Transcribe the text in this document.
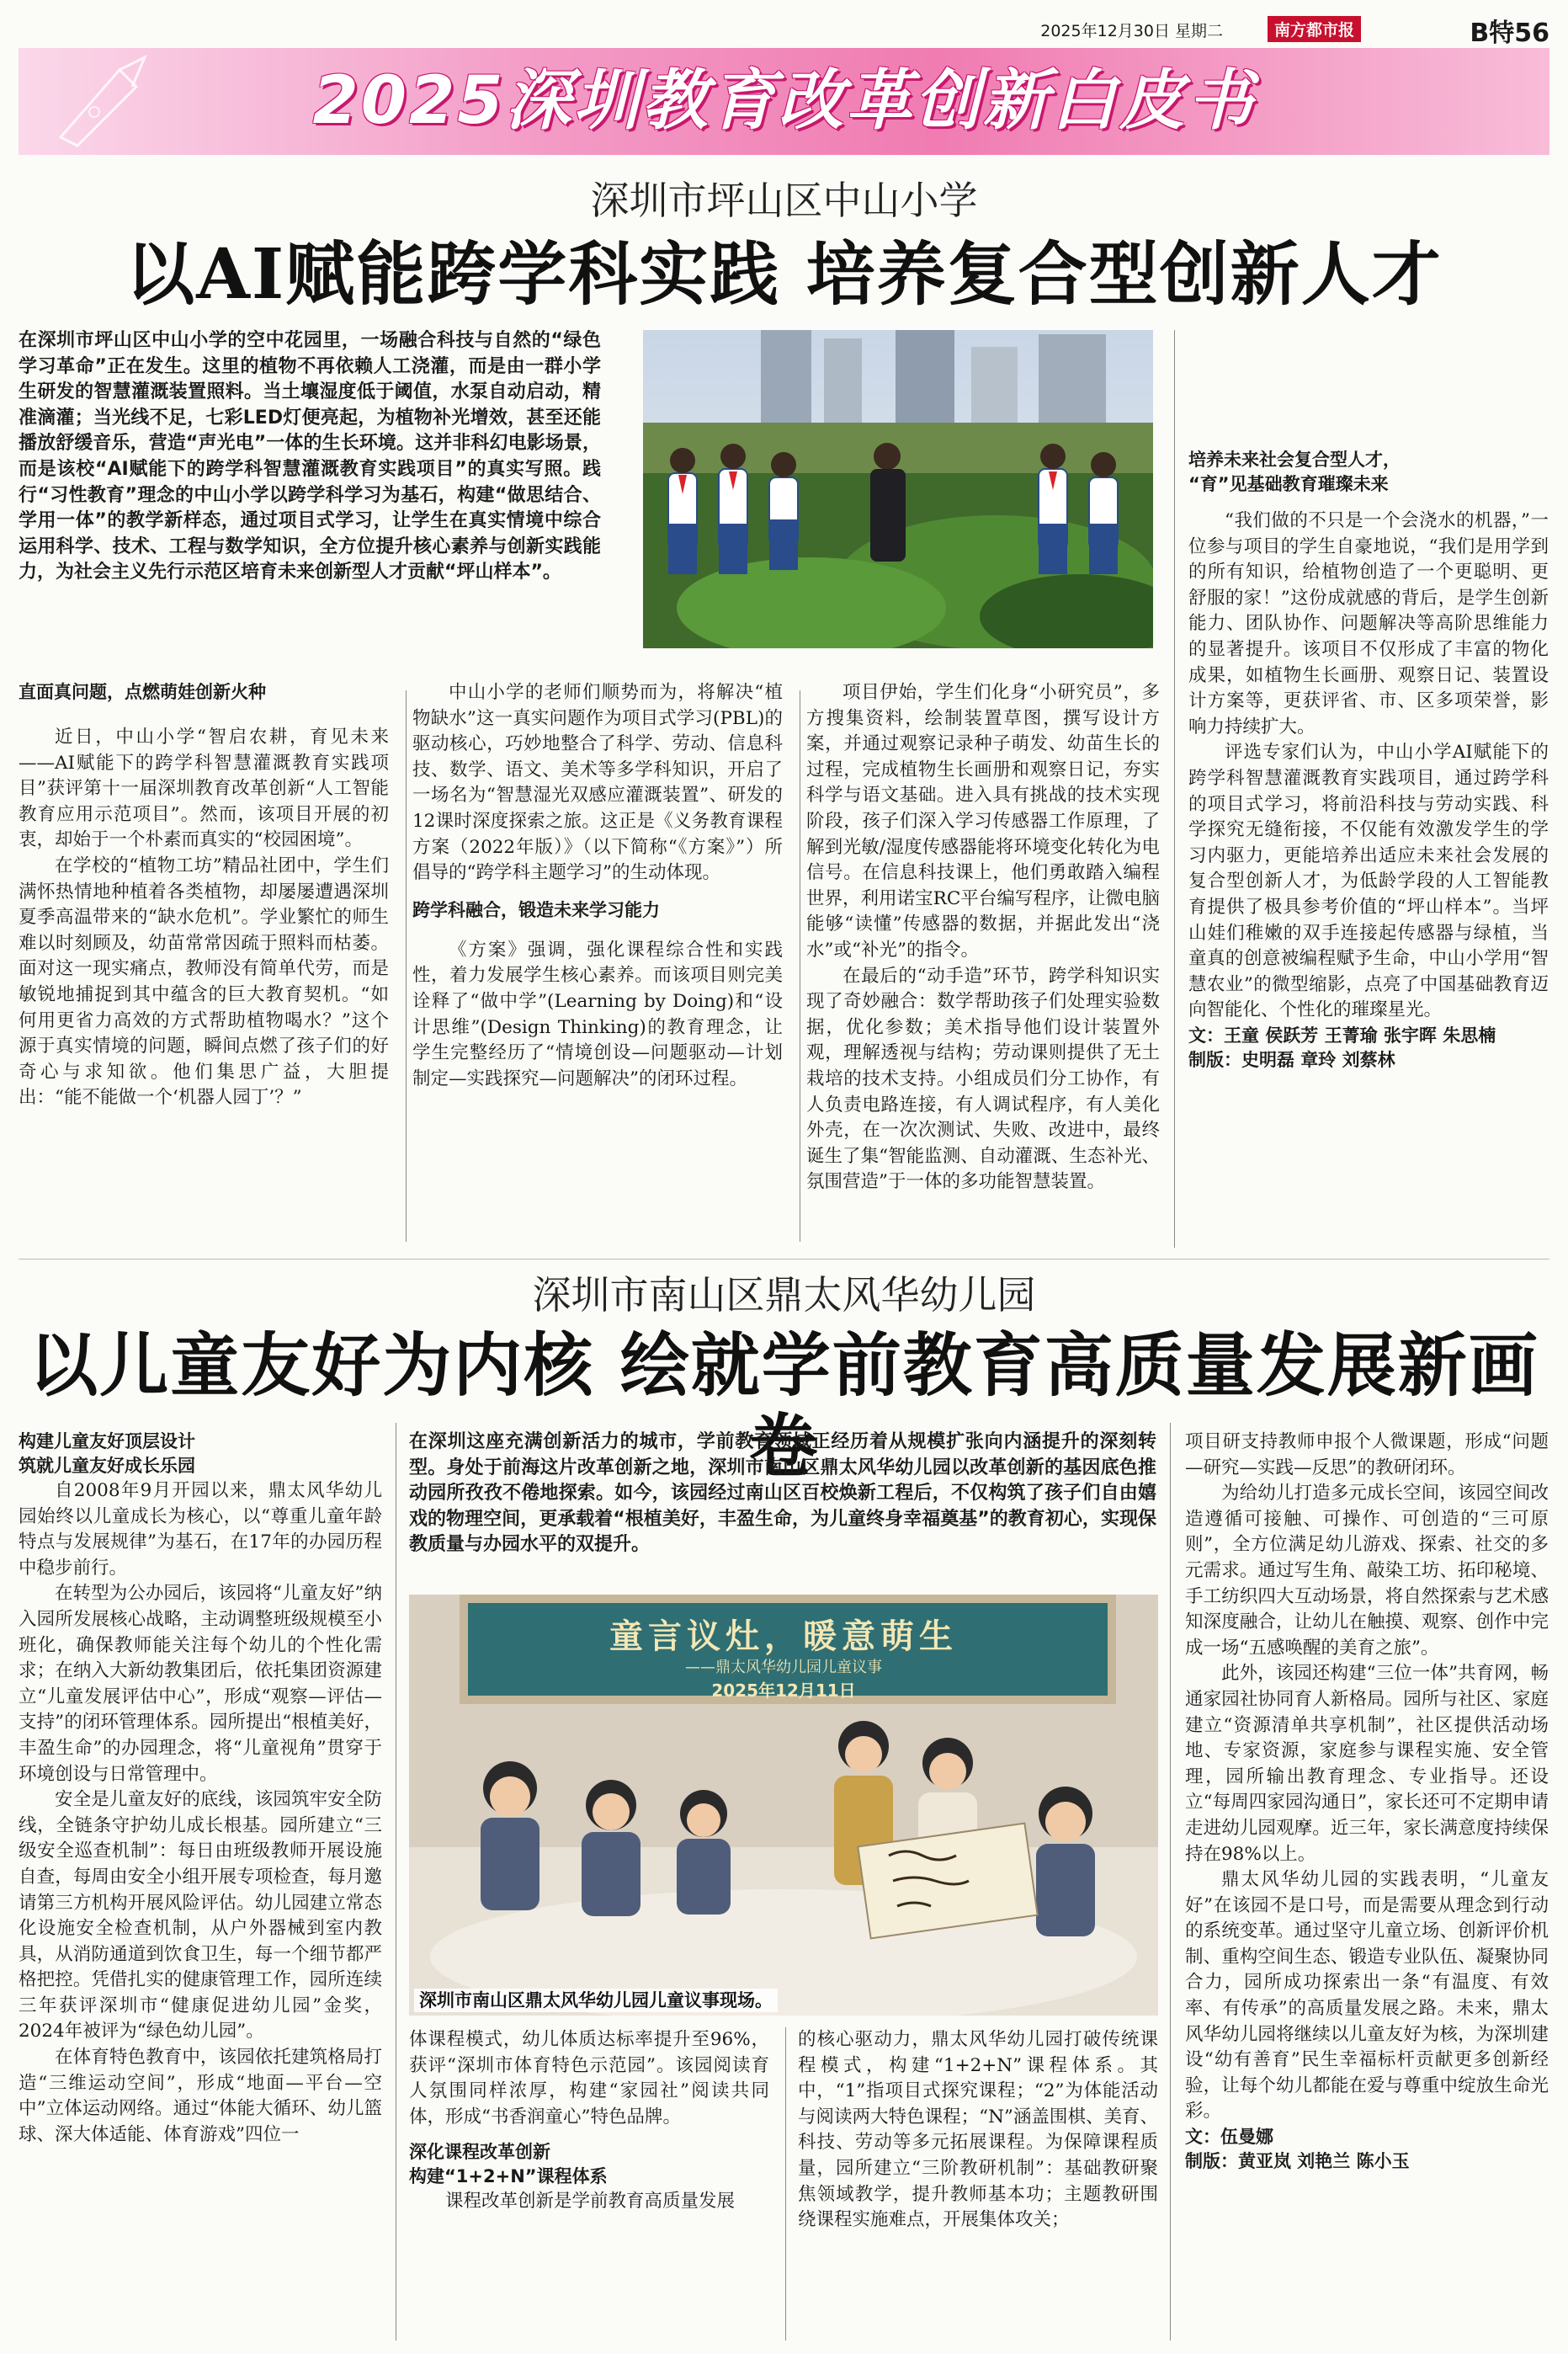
2025年12月30日 星期二	南方都市报	B特56
2025深圳教育改革创新白皮书
深圳市坪山区中山小学
以AI赋能跨学科实践 培养复合型创新人才

在深圳市坪山区中山小学的空中花园里，一场融合科技与自然的“绿色学习革命”正在发生。这里的植物不再依赖人工浇灌，而是由一群小学生研发的智慧灌溉装置照料。当土壤湿度低于阈值，水泵自动启动，精准滴灌；当光线不足，七彩LED灯便亮起，为植物补光增效，甚至还能播放舒缓音乐，营造“声光电”一体的生长环境。这并非科幻电影场景，而是该校“AI赋能下的跨学科智慧灌溉教育实践项目”的真实写照。践行“习性教育”理念的中山小学以跨学科学习为基石，构建“做思结合、学用一体”的教学新样态，通过项目式学习，让学生在真实情境中综合运用科学、技术、工程与数学知识，全方位提升核心素养与创新实践能力，为社会主义先行示范区培育未来创新型人才贡献“坪山样本”。

直面真问题，点燃萌娃创新火种

近日，中山小学“智启农耕，育见未来——AI赋能下的跨学科智慧灌溉教育实践项目”获评第十一届深圳教育改革创新“人工智能教育应用示范项目”。然而，该项目开展的初衷，却始于一个朴素而真实的“校园困境”。

在学校的“植物工坊”精品社团中，学生们满怀热情地种植着各类植物，却屡屡遭遇深圳夏季高温带来的“缺水危机”。学业繁忙的师生难以时刻顾及，幼苗常常因疏于照料而枯萎。面对这一现实痛点，教师没有简单代劳，而是敏锐地捕捉到其中蕴含的巨大教育契机。“如何用更省力高效的方式帮助植物喝水？”这个源于真实情境的问题，瞬间点燃了孩子们的好奇心与求知欲。他们集思广益，大胆提出：“能不能做一个‘机器人园丁’？”

中山小学的老师们顺势而为，将解决“植物缺水”这一真实问题作为项目式学习(PBL)的驱动核心，巧妙地整合了科学、劳动、信息科技、数学、语文、美术等多学科知识，开启了一场名为“智慧湿光双感应灌溉装置”、研发的12课时深度探索之旅。这正是《义务教育课程方案（2022年版）》（以下简称“《方案》”）所倡导的“跨学科主题学习”的生动体现。

跨学科融合，锻造未来学习能力

《方案》强调，强化课程综合性和实践性，着力发展学生核心素养。而该项目则完美诠释了“做中学”(Learning by Doing)和“设计思维”(Design Thinking)的教育理念，让学生完整经历了“情境创设—问题驱动—计划制定—实践探究—问题解决”的闭环过程。

项目伊始，学生们化身“小研究员”，多方搜集资料，绘制装置草图，撰写设计方案，并通过观察记录种子萌发、幼苗生长的过程，完成植物生长画册和观察日记，夯实科学与语文基础。进入具有挑战的技术实现阶段，孩子们深入学习传感器工作原理，了解到光敏/湿度传感器能将环境变化转化为电信号。在信息科技课上，他们勇敢踏入编程世界，利用诺宝RC平台编写程序，让微电脑能够“读懂”传感器的数据，并据此发出“浇水”或“补光”的指令。

在最后的“动手造”环节，跨学科知识实现了奇妙融合：数学帮助孩子们处理实验数据，优化参数；美术指导他们设计装置外观，理解透视与结构；劳动课则提供了无土栽培的技术支持。小组成员们分工协作，有人负责电路连接，有人调试程序，有人美化外壳，在一次次测试、失败、改进中，最终诞生了集“智能监测、自动灌溉、生态补光、氛围营造”于一体的多功能智慧装置。

培养未来社会复合型人才，

“育”见基础教育璀璨未来

“我们做的不只是一个会浇水的机器，”一位参与项目的学生自豪地说，“我们是用学到的所有知识，给植物创造了一个更聪明、更舒服的家！”这份成就感的背后，是学生创新能力、团队协作、问题解决等高阶思维能力的显著提升。该项目不仅形成了丰富的物化成果，如植物生长画册、观察日记、装置设计方案等，更获评省、市、区多项荣誉，影响力持续扩大。

评选专家们认为，中山小学AI赋能下的跨学科智慧灌溉教育实践项目，通过跨学科的项目式学习，将前沿科技与劳动实践、科学探究无缝衔接，不仅能有效激发学生的学习内驱力，更能培养出适应未来社会发展的复合型创新人才，为低龄学段的人工智能教育提供了极具参考价值的“坪山样本”。当坪山娃们稚嫩的双手连接起传感器与绿植，当童真的创意被编程赋予生命，中山小学用“智慧农业”的微型缩影，点亮了中国基础教育迈向智能化、个性化的璀璨星光。

文：王童 侯跃芳 王菁瑜 张宇晖 朱思楠

制版：史明磊 章玲 刘蔡林

深圳市南山区鼎太风华幼儿园
以儿童友好为内核 绘就学前教育高质量发展新画卷

构建儿童友好顶层设计

筑就儿童友好成长乐园

自2008年9月开园以来，鼎太风华幼儿园始终以儿童成长为核心，以“尊重儿童年龄特点与发展规律”为基石，在17年的办园历程中稳步前行。

在转型为公办园后，该园将“儿童友好”纳入园所发展核心战略，主动调整班级规模至小班化，确保教师能关注每个幼儿的个性化需求；在纳入大新幼教集团后，依托集团资源建立“儿童发展评估中心”，形成“观察—评估—支持”的闭环管理体系。园所提出“根植美好，丰盈生命”的办园理念，将“儿童视角”贯穿于环境创设与日常管理中。

安全是儿童友好的底线，该园筑牢安全防线，全链条守护幼儿成长根基。园所建立“三级安全巡查机制”：每日由班级教师开展设施自查，每周由安全小组开展专项检查，每月邀请第三方机构开展风险评估。幼儿园建立常态化设施安全检查机制，从户外器械到室内教具，从消防通道到饮食卫生，每一个细节都严格把控。凭借扎实的健康管理工作，园所连续三年获评深圳市“健康促进幼儿园”金奖，2024年被评为“绿色幼儿园”。

在体育特色教育中，该园依托建筑格局打造“三维运动空间”，形成“地面—平台—空中”立体运动网络。通过“体能大循环、幼儿篮球、深大体适能、体育游戏”四位一

在深圳这座充满创新活力的城市，学前教育领域正经历着从规模扩张向内涵提升的深刻转型。身处于前海这片改革创新之地，深圳市南山区鼎太风华幼儿园以改革创新的基因底色推动园所孜孜不倦地探索。如今，该园经过南山区百校焕新工程后，不仅构筑了孩子们自由嬉戏的物理空间，更承载着“根植美好，丰盈生命，为儿童终身幸福奠基”的教育初心，实现保教质量与办园水平的双提升。

童言议灶，暖意萌生
——鼎太风华幼儿园儿童议事
2025年12月11日
深圳市南山区鼎太风华幼儿园儿童议事现场。

体课程模式，幼儿体质达标率提升至96%，获评“深圳市体育特色示范园”。该园阅读育人氛围同样浓厚，构建“家园社”阅读共同体，形成“书香润童心”特色品牌。

深化课程改革创新

构建“1+2+N”课程体系

课程改革创新是学前教育高质量发展

的核心驱动力，鼎太风华幼儿园打破传统课程模式，构建“1+2+N”课程体系。其中，“1”指项目式探究课程；“2”为体能活动与阅读两大特色课程；“N”涵盖围棋、美育、科技、劳动等多元拓展课程。为保障课程质量，园所建立“三阶教研机制”：基础教研聚焦领域教学，提升教师基本功；主题教研围绕课程实施难点，开展集体攻关；

项目研支持教师申报个人微课题，形成“问题—研究—实践—反思”的教研闭环。

为给幼儿打造多元成长空间，该园空间改造遵循可接触、可操作、可创造的“三可原则”，全方位满足幼儿游戏、探索、社交的多元需求。通过写生角、敲染工坊、拓印秘境、手工纺织四大互动场景，将自然探索与艺术感知深度融合，让幼儿在触摸、观察、创作中完成一场“五感唤醒的美育之旅”。

此外，该园还构建“三位一体”共育网，畅通家园社协同育人新格局。园所与社区、家庭建立“资源清单共享机制”，社区提供活动场地、专家资源，家庭参与课程实施、安全管理，园所输出教育理念、专业指导。还设立“每周四家园沟通日”，家长还可不定期申请走进幼儿园观摩。近三年，家长满意度持续保持在98%以上。

鼎太风华幼儿园的实践表明，“儿童友好”在该园不是口号，而是需要从理念到行动的系统变革。通过坚守儿童立场、创新评价机制、重构空间生态、锻造专业队伍、凝聚协同合力，园所成功探索出一条“有温度、有效率、有传承”的高质量发展之路。未来，鼎太风华幼儿园将继续以儿童友好为核，为深圳建设“幼有善育”民生幸福标杆贡献更多创新经验，让每个幼儿都能在爱与尊重中绽放生命光彩。

文：伍曼娜

制版：黄亚岚 刘艳兰 陈小玉
